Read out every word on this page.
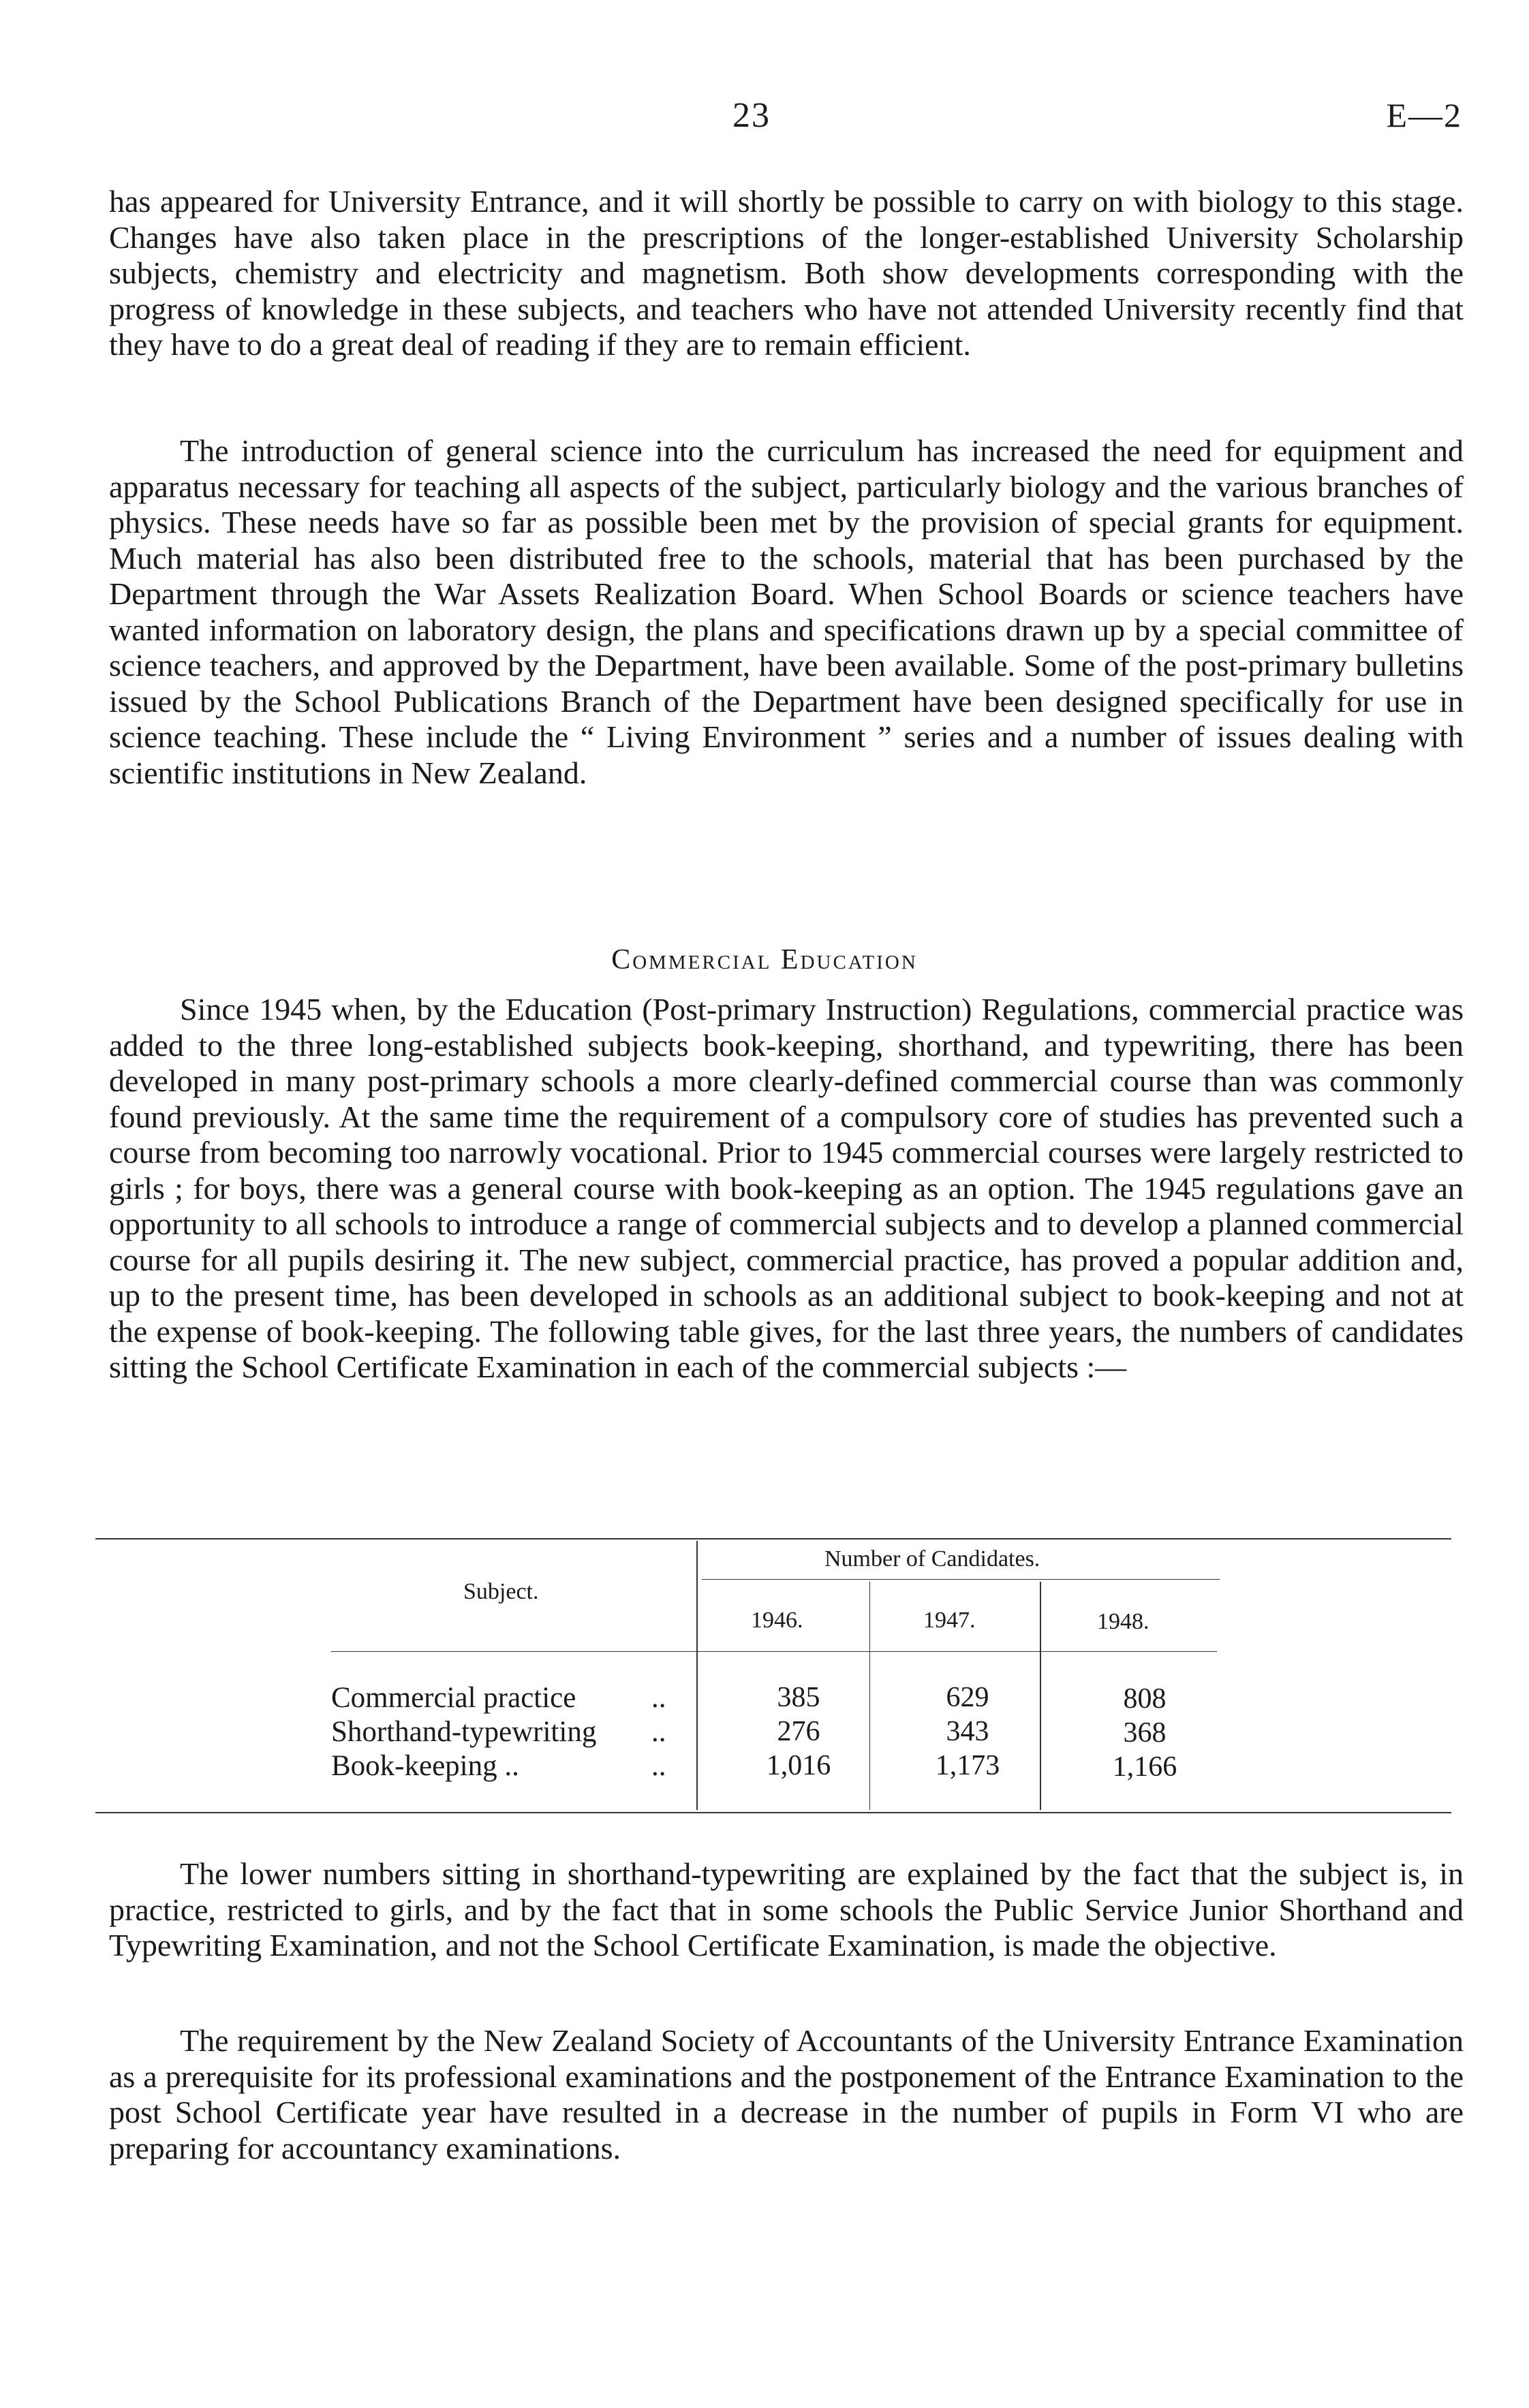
23	E—2

has appeared for University Entrance, and it will shortly be possible to carry on with biology to this stage. Changes have also taken place in the prescriptions of the longer-established University Scholarship subjects, chemistry and electricity and magnetism. Both show developments corresponding with the progress of knowledge in these subjects, and teachers who have not attended University recently find that they have to do a great deal of reading if they are to remain efficient.

The introduction of general science into the curriculum has increased the need for equipment and apparatus necessary for teaching all aspects of the subject, particularly biology and the various branches of physics. These needs have so far as possible been met by the provision of special grants for equipment. Much material has also been distributed free to the schools, material that has been purchased by the Department through the War Assets Realization Board. When School Boards or science teachers have wanted information on laboratory design, the plans and specifications drawn up by a special committee of science teachers, and approved by the Department, have been available. Some of the post-primary bulletins issued by the School Publications Branch of the Department have been designed specifically for use in science teaching. These include the “ Living Environment ” series and a number of issues dealing with scientific institutions in New Zealand.

Commercial Education

Since 1945 when, by the Education (Post-primary Instruction) Regulations, commercial practice was added to the three long-established subjects book-keeping, shorthand, and typewriting, there has been developed in many post-primary schools a more clearly-defined commercial course than was commonly found previously. At the same time the requirement of a compulsory core of studies has prevented such a course from becoming too narrowly vocational. Prior to 1945 commercial courses were largely restricted to girls ; for boys, there was a general course with book-keeping as an option. The 1945 regulations gave an opportunity to all schools to introduce a range of commercial subjects and to develop a planned commercial course for all pupils desiring it. The new subject, commercial practice, has proved a popular addition and, up to the present time, has been developed in schools as an additional subject to book-keeping and not at the expense of book-keeping. The following table gives, for the last three years, the numbers of candidates sitting the School Certificate Examination in each of the commercial subjects :—

Subject.
Number of Candidates.
1946.	1947.	1948.
Commercial practice	..	385	629	808
Shorthand-typewriting	..	276	343	368
Book-keeping ..	..	1,016	1,173	1,166

The lower numbers sitting in shorthand-typewriting are explained by the fact that the subject is, in practice, restricted to girls, and by the fact that in some schools the Public Service Junior Shorthand and Typewriting Examination, and not the School Certificate Examination, is made the objective.

The requirement by the New Zealand Society of Accountants of the University Entrance Examination as a prerequisite for its professional examinations and the postponement of the Entrance Examination to the post School Certificate year have resulted in a decrease in the number of pupils in Form VI who are preparing for accountancy examinations.
